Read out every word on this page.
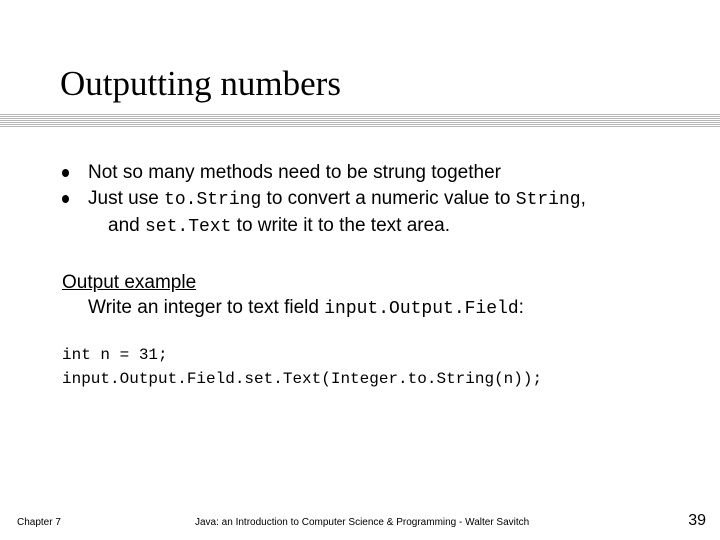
Outputting numbers
Not so many methods need to be strung together
Just use to.String to convert a numeric value to String,
and set.Text to write it to the text area.
Output example
Write an integer to text field input.Output.Field:
int n = 31;
input.Output.Field.set.Text(Integer.to.String(n));
Chapter 7	Java: an Introduction to Computer Science & Programming - Walter Savitch	39
